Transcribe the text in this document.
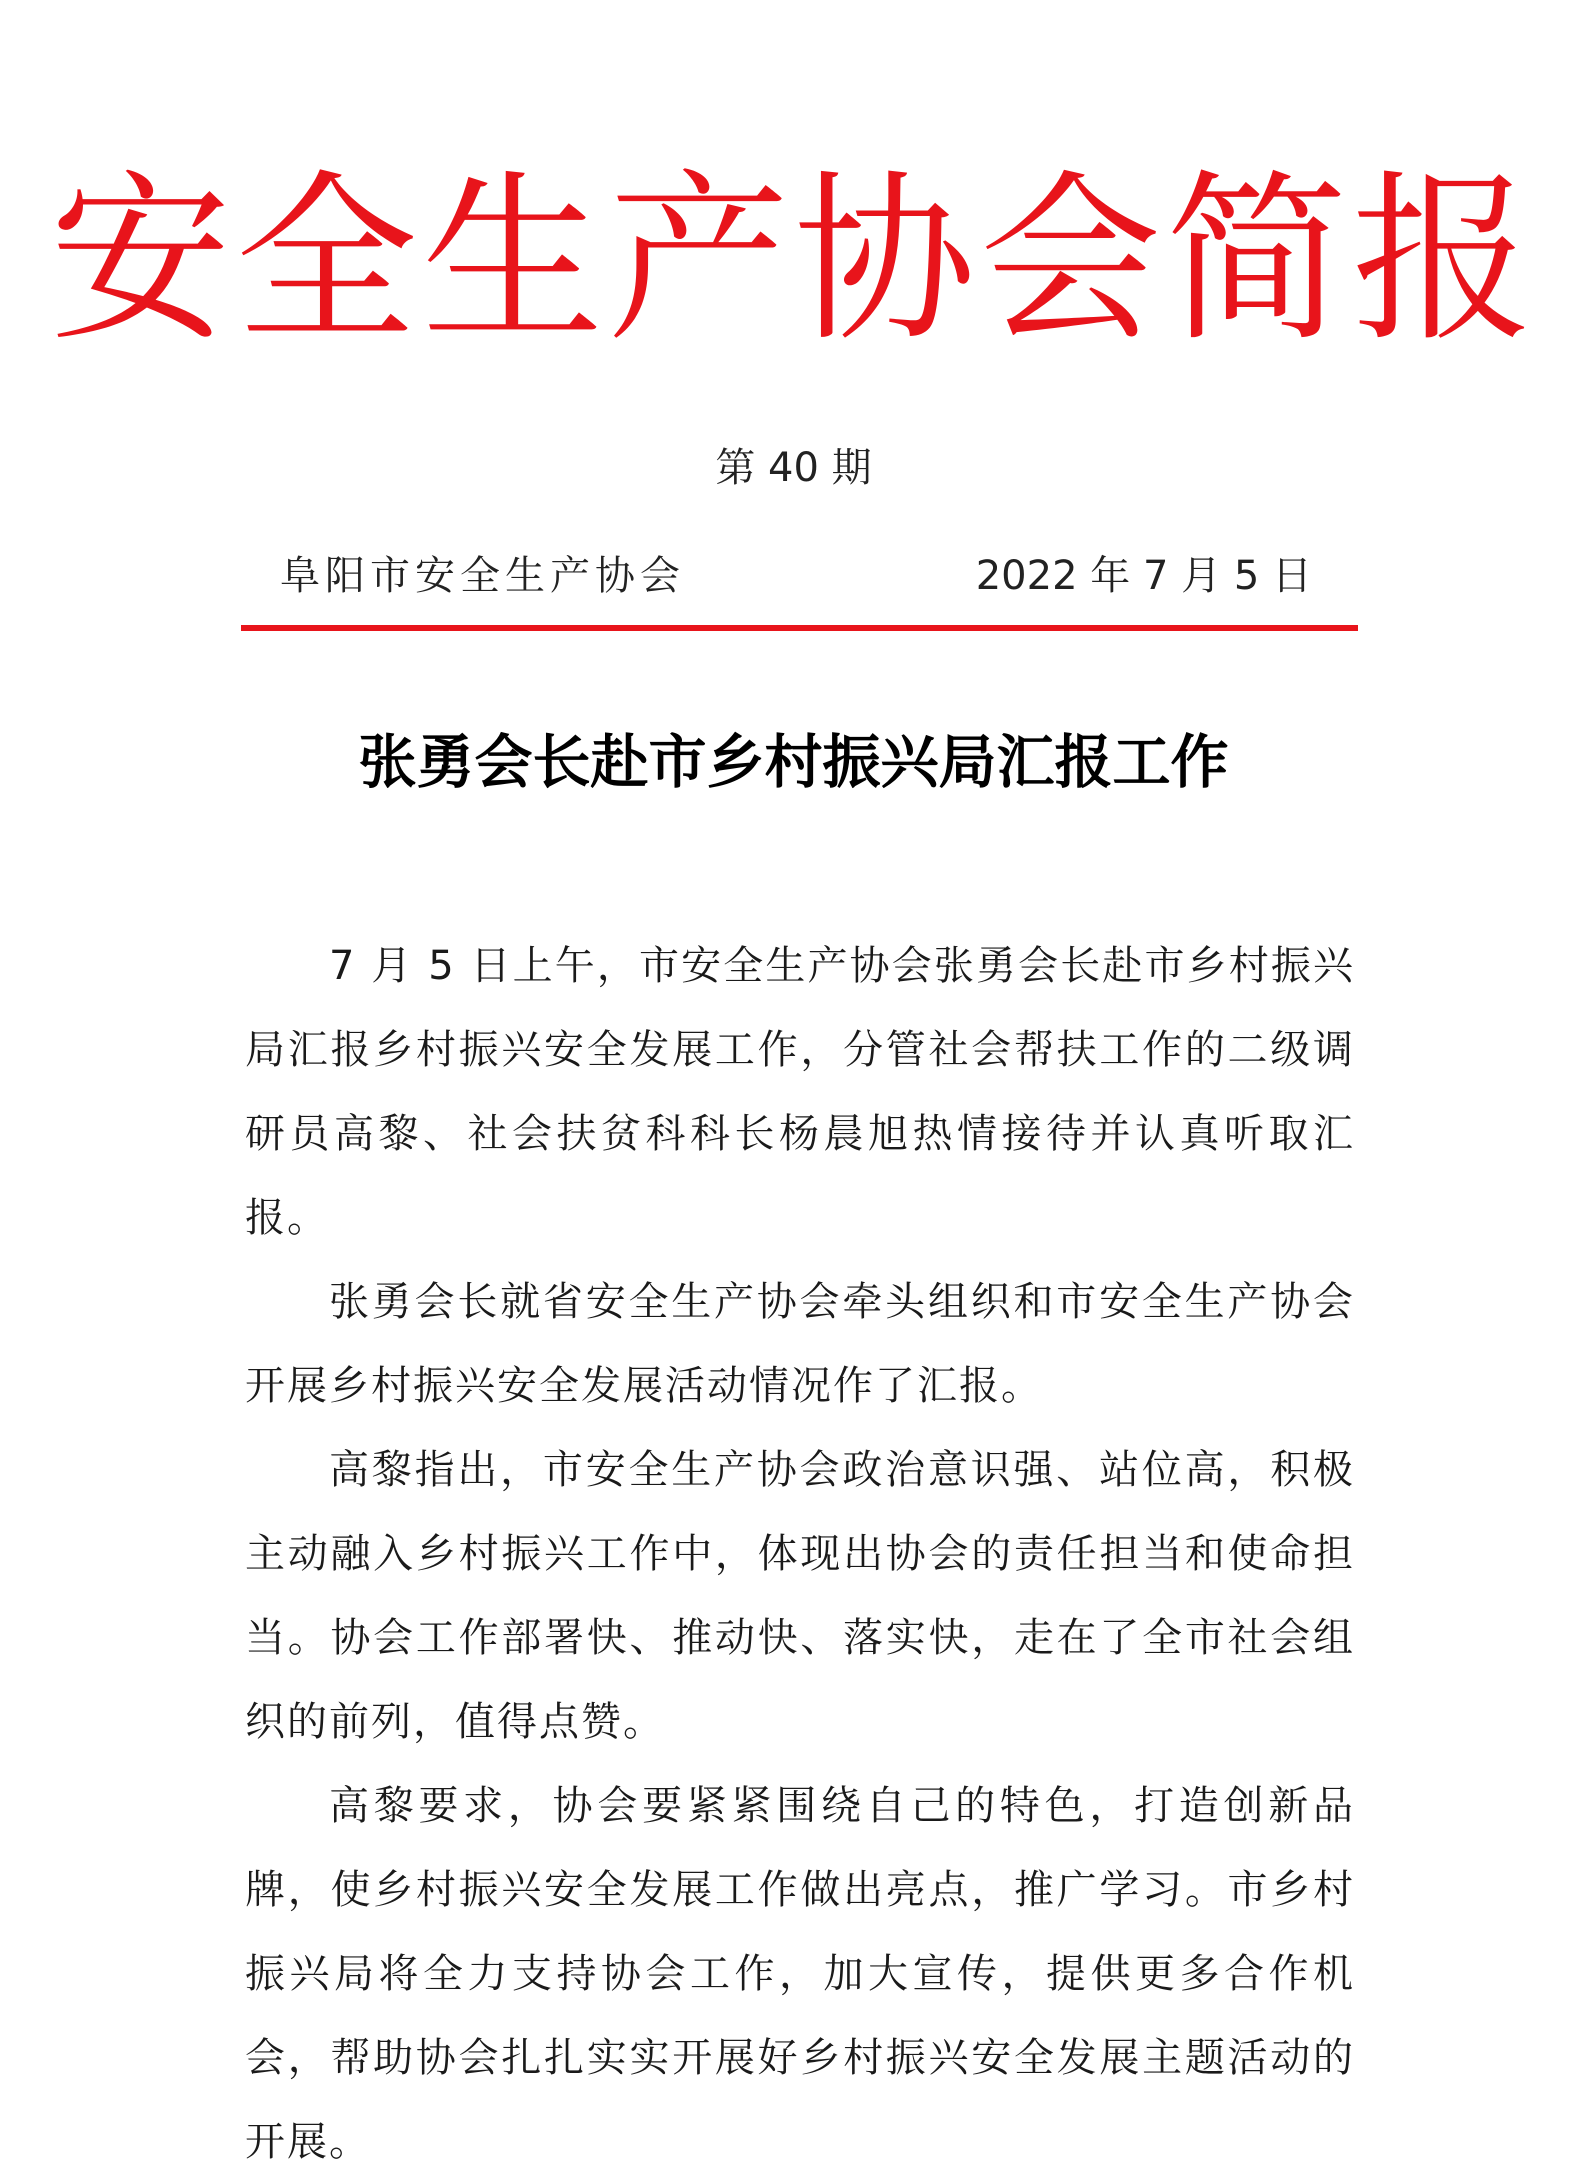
安全生产协会简报
第 40 期
阜阳市安全生产协会	2022 年 7 月 5 日
张勇会长赴市乡村振兴局汇报工作

7 月 5 日上午，市安全生产协会张勇会长赴市乡村振兴局汇报乡村振兴安全发展工作，分管社会帮扶工作的二级调研员高黎、社会扶贫科科长杨晨旭热情接待并认真听取汇报。

张勇会长就省安全生产协会牵头组织和市安全生产协会开展乡村振兴安全发展活动情况作了汇报。

高黎指出，市安全生产协会政治意识强、站位高，积极主动融入乡村振兴工作中，体现出协会的责任担当和使命担当。协会工作部署快、推动快、落实快，走在了全市社会组织的前列，值得点赞。

高黎要求，协会要紧紧围绕自己的特色，打造创新品牌，使乡村振兴安全发展工作做出亮点，推广学习。市乡村振兴局将全力支持协会工作，加大宣传，提供更多合作机会，帮助协会扎扎实实开展好乡村振兴安全发展主题活动的开展。
